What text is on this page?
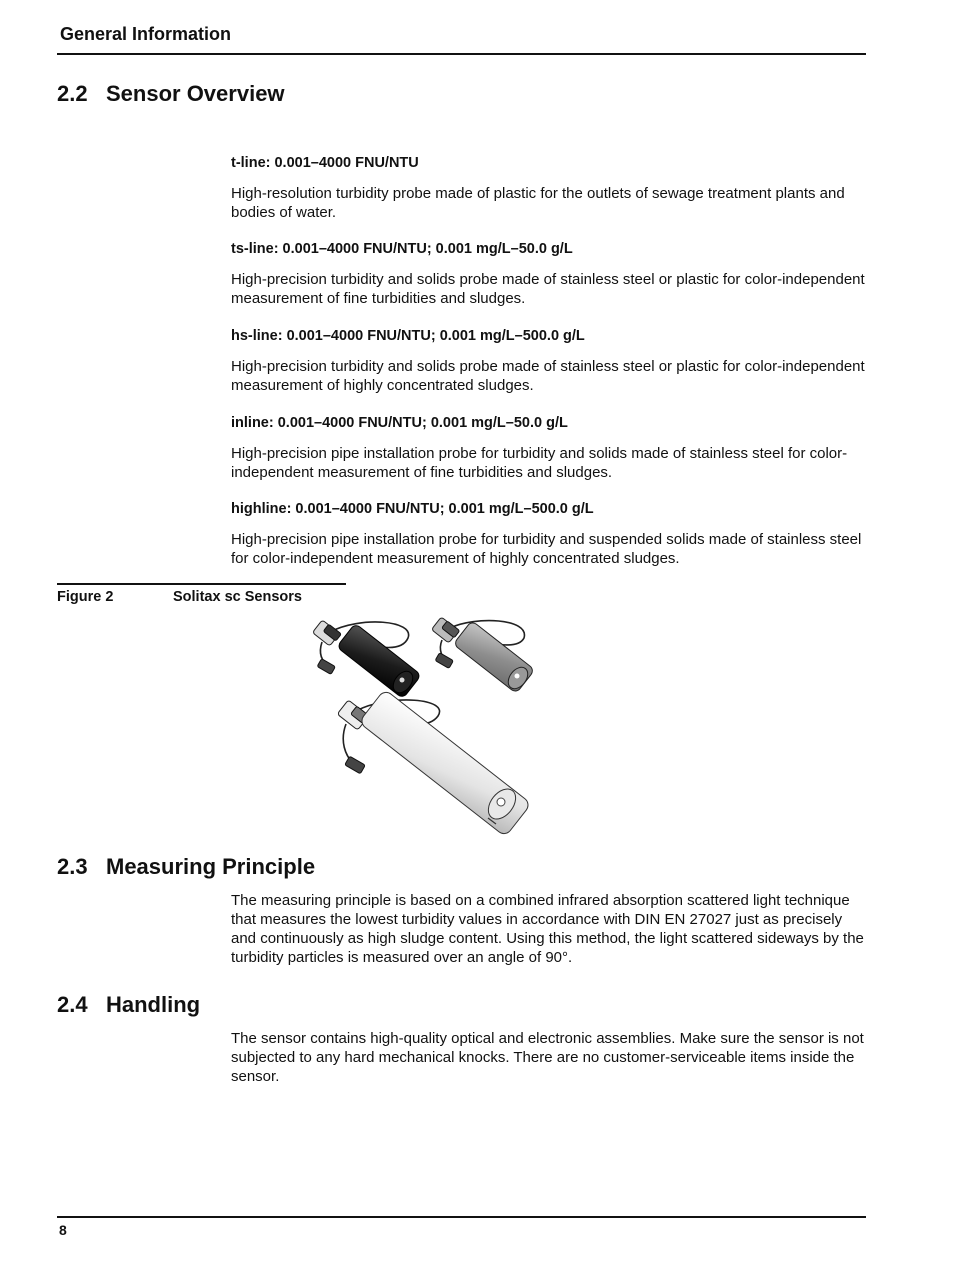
General Information
2.2 Sensor Overview
t-line: 0.001–4000 FNU/NTU
High-resolution turbidity probe made of plastic for the outlets of sewage treatment plants and bodies of water.
ts-line: 0.001–4000 FNU/NTU; 0.001 mg/L–50.0 g/L
High-precision turbidity and solids probe made of stainless steel or plastic for color-independent measurement of fine turbidities and sludges.
hs-line: 0.001–4000 FNU/NTU; 0.001 mg/L–500.0 g/L
High-precision turbidity and solids probe made of stainless steel or plastic for color-independent measurement of highly concentrated sludges.
inline: 0.001–4000 FNU/NTU; 0.001 mg/L–50.0 g/L
High-precision pipe installation probe for turbidity and solids made of stainless steel for color-independent measurement of fine turbidities and sludges.
highline: 0.001–4000 FNU/NTU; 0.001 mg/L–500.0 g/L
High-precision pipe installation probe for turbidity and suspended solids made of stainless steel for color-independent measurement of highly concentrated sludges.
Figure 2	Solitax sc Sensors
2.3 Measuring Principle
The measuring principle is based on a combined infrared absorption scattered light technique that measures the lowest turbidity values in accordance with DIN EN 27027 just as precisely and continuously as high sludge content. Using this method, the light scattered sideways by the turbidity particles is measured over an angle of 90°.
2.4 Handling
The sensor contains high-quality optical and electronic assemblies. Make sure the sensor is not subjected to any hard mechanical knocks. There are no customer-serviceable items inside the sensor.
8
